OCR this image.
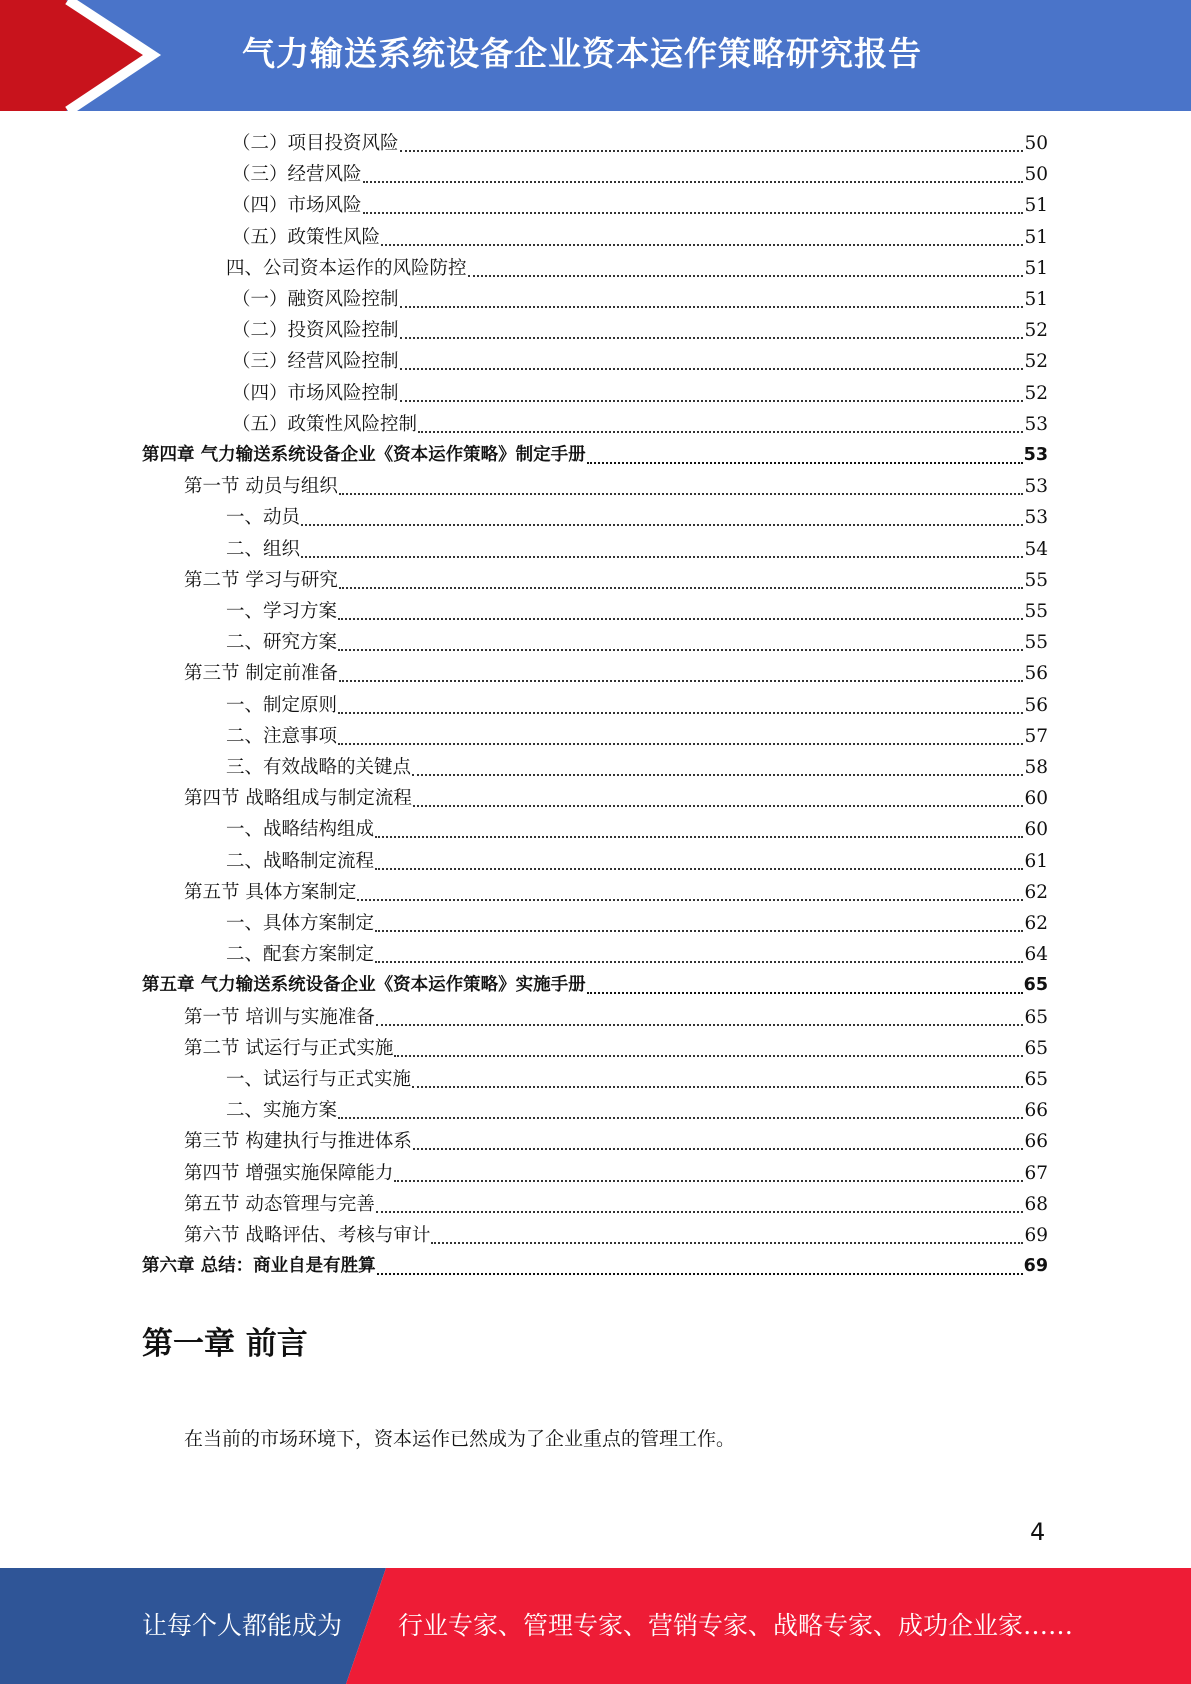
气力输送系统设备企业资本运作策略研究报告
（二）项目投资风险	50
（三）经营风险	50
（四）市场风险	51
（五）政策性风险	51
四、公司资本运作的风险防控	51
（一）融资风险控制	51
（二）投资风险控制	52
（三）经营风险控制	52
（四）市场风险控制	52
（五）政策性风险控制	53
第四章 气力输送系统设备企业《资本运作策略》制定手册	53
第一节 动员与组织	53
一、动员	53
二、组织	54
第二节 学习与研究	55
一、学习方案	55
二、研究方案	55
第三节 制定前准备	56
一、制定原则	56
二、注意事项	57
三、有效战略的关键点	58
第四节 战略组成与制定流程	60
一、战略结构组成	60
二、战略制定流程	61
第五节 具体方案制定	62
一、具体方案制定	62
二、配套方案制定	64
第五章 气力输送系统设备企业《资本运作策略》实施手册	65
第一节 培训与实施准备	65
第二节 试运行与正式实施	65
一、试运行与正式实施	65
二、实施方案	66
第三节 构建执行与推进体系	66
第四节 增强实施保障能力	67
第五节 动态管理与完善	68
第六节 战略评估、考核与审计	69
第六章 总结：商业自是有胜算	69
第一章 前言
在当前的市场环境下，资本运作已然成为了企业重点的管理工作。
4
让每个人都能成为 行业专家、管理专家、营销专家、战略专家、成功企业家……
